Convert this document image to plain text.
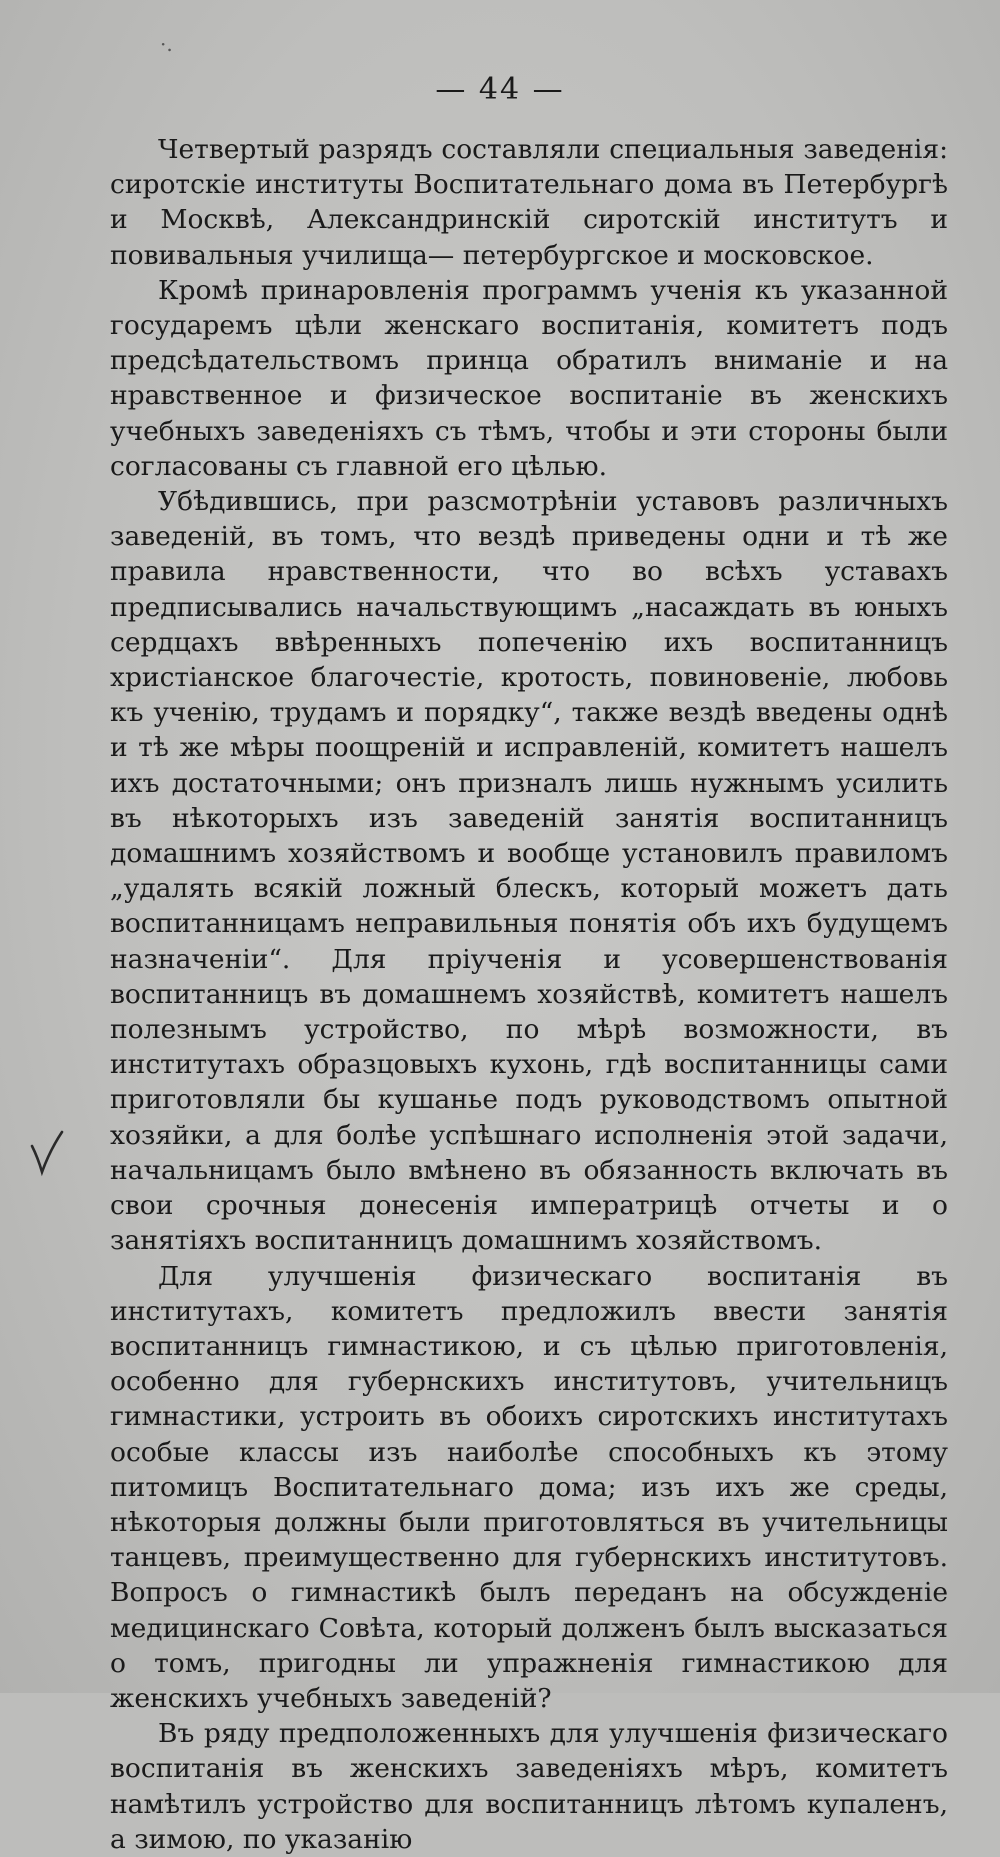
·.
— 44 —

Четвертый разрядъ составляли специальныя заведенія: сиротскіе институты Воспитательнаго дома въ Петербургѣ и Москвѣ, Александринскій сиротскій институтъ и повивальныя училища— петербургское и московское.

Кромѣ принаровленія программъ ученія къ указанной государемъ цѣли женскаго воспитанія, комитетъ подъ предсѣдательствомъ принца обратилъ вниманіе и на нравственное и физическое воспитаніе въ женскихъ учебныхъ заведеніяхъ съ тѣмъ, чтобы и эти стороны были согласованы съ главной его цѣлью.

Убѣдившись, при разсмотрѣніи уставовъ различныхъ заведеній, въ томъ, что вездѣ приведены одни и тѣ же правила нравственности, что во всѣхъ уставахъ предписывались начальствующимъ „насаждать въ юныхъ сердцахъ ввѣренныхъ попеченію ихъ воспитанницъ христіанское благочестіе, кротость, повиновеніе, любовь къ ученію, трудамъ и порядку“, также вездѣ введены однѣ и тѣ же мѣры поощреній и исправленій, комитетъ нашелъ ихъ достаточными; онъ призналъ лишь нужнымъ усилить въ нѣкоторыхъ изъ заведеній занятія воспитанницъ домашнимъ хозяйствомъ и вообще установилъ правиломъ „удалять всякій ложный блескъ, который можетъ дать воспитанницамъ неправильныя понятія объ ихъ будущемъ назначеніи“. Для пріученія и усовершенствованія воспитанницъ въ домашнемъ хозяйствѣ, комитетъ нашелъ полезнымъ устройство, по мѣрѣ возможности, въ институтахъ образцовыхъ кухонь, гдѣ воспитанницы сами приготовляли бы кушанье подъ руководствомъ опытной хозяйки, а для болѣе успѣшнаго исполненія этой задачи, начальницамъ было вмѣнено въ обязанность включать въ свои срочныя донесенія императрицѣ отчеты и о занятіяхъ воспитанницъ домашнимъ хозяйствомъ.

Для улучшенія физическаго воспитанія въ институтахъ, комитетъ предложилъ ввести занятія воспитанницъ гимнастикою, и съ цѣлью приготовленія, особенно для губернскихъ институтовъ, учительницъ гимнастики, устроить въ обоихъ сиротскихъ институтахъ особые классы изъ наиболѣе способныхъ къ этому питомицъ Воспитательнаго дома; изъ ихъ же среды, нѣкоторыя должны были приготовляться въ учительницы танцевъ, преимущественно для губернскихъ институтовъ. Вопросъ о гимнастикѣ былъ переданъ на обсужденіе медицинскаго Совѣта, который долженъ былъ высказаться о томъ, пригодны ли упражненія гимнастикою для женскихъ учебныхъ заведеній?

Въ ряду предположенныхъ для улучшенія физическаго воспитанія въ женскихъ заведеніяхъ мѣръ, комитетъ намѣтилъ устройство для воспитанницъ лѣтомъ купаленъ, а зимою, по указанію
